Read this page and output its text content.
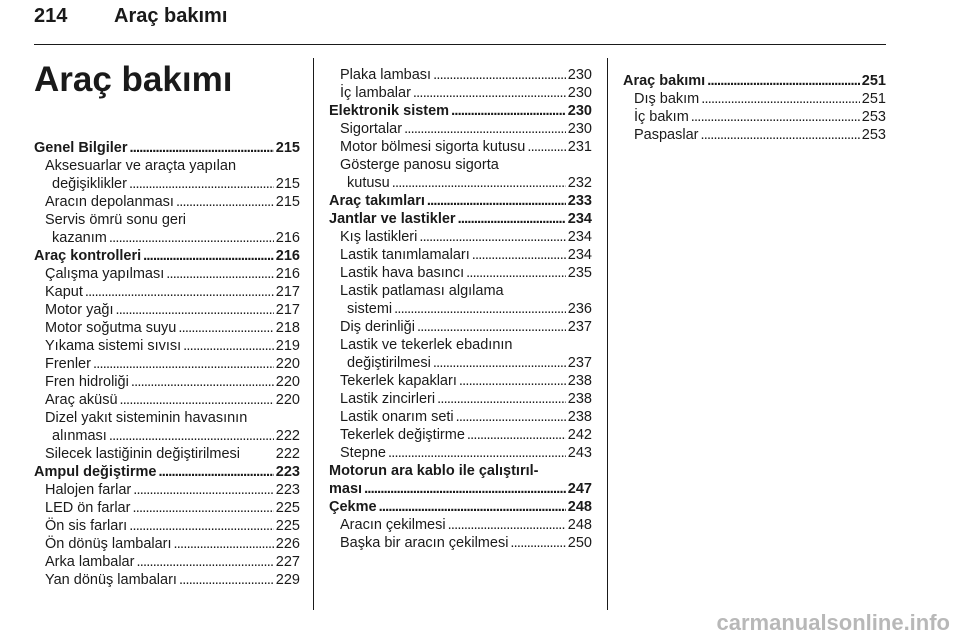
214 Araç bakımı
Araç bakımı
Genel Bilgiler . . .	215
Aksesuarlar ve araçta yapılan
değişiklikler . . .	215
Aracın depolanması . . .	215
Servis ömrü sonu geri
kazanım . . .	216
Araç kontrolleri . . .	216
Çalışma yapılması . . .	216
Kaput . . .	217
Motor yağı . . .	217
Motor soğutma suyu . . .	218
Yıkama sistemi sıvısı . . .	219
Frenler . . .	220
Fren hidroliği . . .	220
Araç aküsü . . .	220
Dizel yakıt sisteminin havasının
alınması . . .	222
Silecek lastiğinin değiştirilmesi 222
Ampul değiştirme . . .	223
Halojen farlar . . .	223
LED ön farlar . . .	225
Ön sis farları . . .	225
Ön dönüş lambaları . . .	226
Arka lambalar . . .	227
Yan dönüş lambaları . . .	229
Plaka lambası . . .	230
İç lambalar . . .	230
Elektronik sistem . . .	230
Sigortalar . . .	230
Motor bölmesi sigorta kutusu . . .	231
Gösterge panosu sigorta
kutusu . . .	232
Araç takımları . . .	233
Jantlar ve lastikler . . .	234
Kış lastikleri . . .	234
Lastik tanımlamaları . . .	234
Lastik hava basıncı . . .	235
Lastik patlaması algılama
sistemi . . .	236
Diş derinliği . . .	237
Lastik ve tekerlek ebadının
değiştirilmesi . . .	237
Tekerlek kapakları . . .	238
Lastik zincirleri . . .	238
Lastik onarım seti . . .	238
Tekerlek değiştirme . . .	242
Stepne . . .	243
Motorun ara kablo ile çalıştırıl-
ması . . .	247
Çekme . . .	248
Aracın çekilmesi . . .	248
Başka bir aracın çekilmesi . . .	250
Araç bakımı . . .	251
Dış bakım . . .	251
İç bakım . . .	253
Paspaslar . . .	253
carmanualsonline.info
